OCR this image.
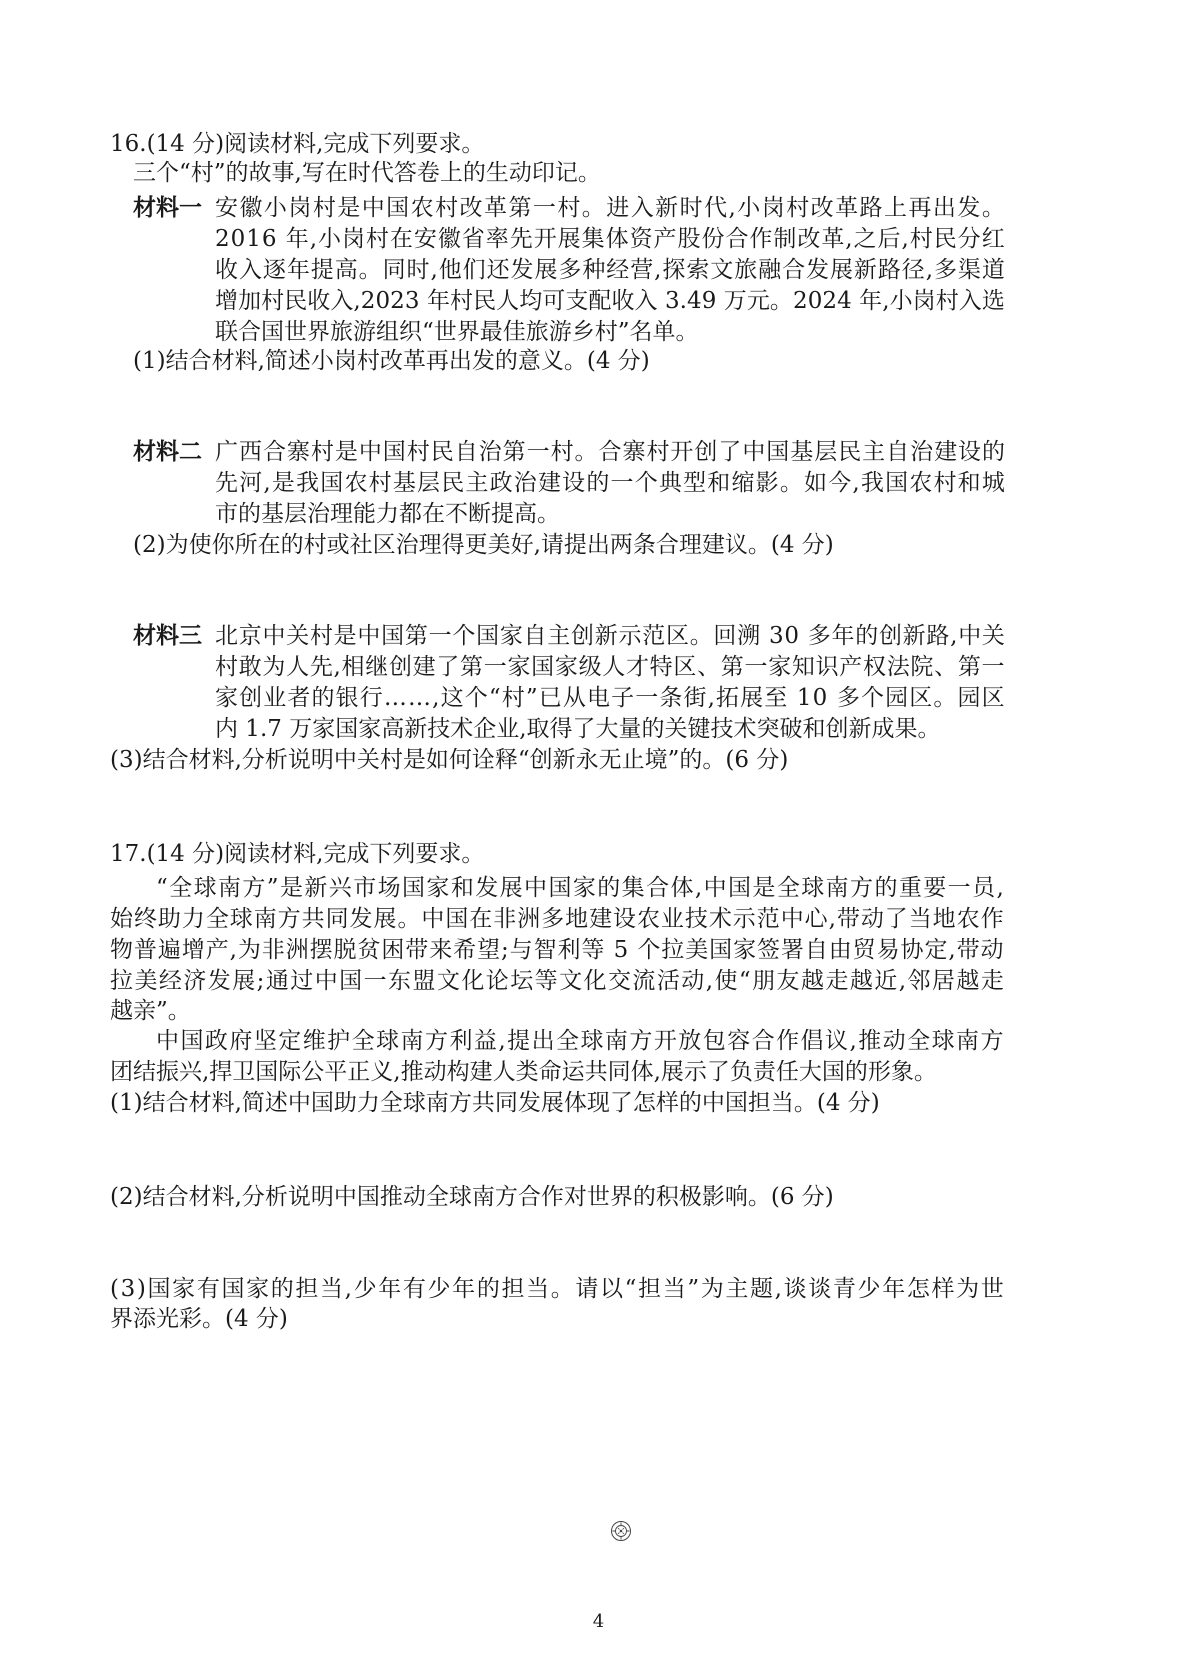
16.(14 分)阅读材料,完成下列要求。
三个“村”的故事,写在时代答卷上的生动印记。
材料一 安 徽 小 岗 村 是 中 国 农 村 改 革 第 一 村 。 进 入 新 时 代 , 小 岗 村 改 革 路 上 再 出 发 。
2 0 1 6
年 , 小 岗 村 在 安 徽 省 率 先 开 展 集 体 资 产 股 份 合 作 制 改 革 , 之 后 , 村 民 分 红
收 入 逐 年 提 高 。 同 时 , 他 们 还 发 展 多 种 经 营 , 探 索 文 旅 融 合 发 展 新 路 径 , 多 渠 道
增 加 村 民 收 入 , 2 0 2 3
年 村 民 人 均 可 支 配 收 入
3 . 4 9
万 元 。 2 0 2 4
年 , 小 岗 村 入 选
联合国世界旅游组织“世界最佳旅游乡村”名单。
(1)结合材料,简述小岗村改革再出发的意义。(4 分)
材料二 广 西 合 寨 村 是 中 国 村 民 自 治 第 一 村 。 合 寨 村 开 创 了 中 国 基 层 民 主 自 治 建 设 的
先 河 , 是 我 国 农 村 基 层 民 主 政 治 建 设 的 一 个 典 型 和 缩 影 。 如 今 , 我 国 农 村 和 城
市的基层治理能力都在不断提高。
(2)为使你所在的村或社区治理得更美好,请提出两条合理建议。(4 分)
材料三 北 京 中 关 村 是 中 国 第 一 个 国 家 自 主 创 新 示 范 区 。 回 溯
3 0
多 年 的 创 新 路 , 中 关
村 敢 为 人 先 , 相 继 创 建 了 第 一 家 国 家 级 人 才 特 区 、 第 一 家 知 识 产 权 法 院 、 第 一
家 创 业 者 的 银 行 … … , 这 个 “ 村 ” 已 从 电 子 一 条 街 , 拓 展 至
1 0
多 个 园 区 。 园 区
内 1.7 万家国家高新技术企业,取得了大量的关键技术突破和创新成果。
(3)结合材料,分析说明中关村是如何诠释“创新永无止境”的。(6 分)
17.(14 分)阅读材料,完成下列要求。
“ 全 球 南 方 ” 是 新 兴 市 场 国 家 和 发 展 中 国 家 的 集 合 体 , 中 国 是 全 球 南 方 的 重 要 一 员 ,
始 终 助 力 全 球 南 方 共 同 发 展 。 中 国 在 非 洲 多 地 建 设 农 业 技 术 示 范 中 心 , 带 动 了 当 地 农 作
物 普 遍 增 产 , 为 非 洲 摆 脱 贫 困 带 来 希 望 ; 与 智 利 等
5
个 拉 美 国 家 签 署 自 由 贸 易 协 定 , 带 动
拉 美 经 济 发 展 ; 通 过 中 国 一 东 盟 文 化 论 坛 等 文 化 交 流 活 动 , 使 “ 朋 友 越 走 越 近 , 邻 居 越 走
越亲”。
中 国 政 府 坚 定 维 护 全 球 南 方 利 益 , 提 出 全 球 南 方 开 放 包 容 合 作 倡 议 , 推 动 全 球 南 方
团结振兴,捍卫国际公平正义,推动构建人类命运共同体,展示了负责任大国的形象。
(1)结合材料,简述中国助力全球南方共同发展体现了怎样的中国担当。(4 分)
(2)结合材料,分析说明中国推动全球南方合作对世界的积极影响。(6 分)
( 3 ) 国 家 有 国 家 的 担 当 , 少 年 有 少 年 的 担 当 。 请 以 “ 担 当 ” 为 主 题 , 谈 谈 青 少 年 怎 样 为 世
界添光彩。(4 分)
4
